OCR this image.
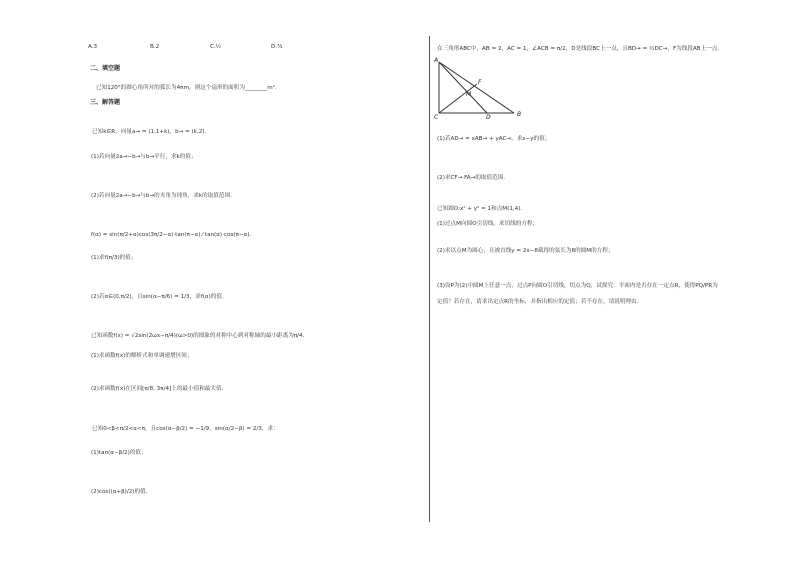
A.3	B.2	C.½	D.³⁄₂
二、填空题
已知120°的圆心角所对的弧长为4πm，则这个扇形的面积为________m².
三、解答题
已知k∈R，向量a→ = (1,1+k)，b→ = (k,2)．
(1)若向量2a→−b→与b→平行，求k的值；
(2)若向量2a→−b→与b→的夹角为钝角，求k的取值范围．
f(α) = sin(π/2+α)cos(3π/2−α)·tan(π−α) ⁄ tan(α)·cos(π−α)．
(1)求f(π/3)的值；
(2)若α∈(0,π/2)，且sin(α−π/6) = 1/3，求f(α)的值．
已知函数f(x) = √2sin(2ωx−π/4)(ω>0)的图象的对称中心到对称轴的最小距离为π/4．
(1)求函数f(x)的解析式和单调递增区间；
(2)求函数f(x)在区间[π/8, 3π/4]上的最小值和最大值．
已知0<β<π/2<α<π，且cos(α−β/2) = −1/9，sin(α/2−β) = 2/3，求：
(1)tan(α−β/2)的值；
(2)cos((α+β)/2)的值．
在三角形ABC中，AB = 2，AC = 1，∠ACB = π/2，D是线段BC上一点，且BD→ = ½DC→，F为线段AB上一点．
A
B
C	D
F
M
(1)若AD→ = xAB→ + yAC→，求x−y的值；
(2)求CF→·FA→的取值范围．
已知圆O:x² + y² = 1和点M(1,4)．
(1)过点M向圆O引切线，求切线的方程；
(2)求以点M为圆心，且被直线y = 2x−8截得的弦长为8的圆M的方程；
(3)设P为(2)中圆M上任意一点，过点P向圆O引切线，切点为Q，试探究：平面内是否存在一定点R，使得PQ/PR为
定值？若存在，请求出定点R的坐标，并指出相应的定值；若不存在，请说明理由．
